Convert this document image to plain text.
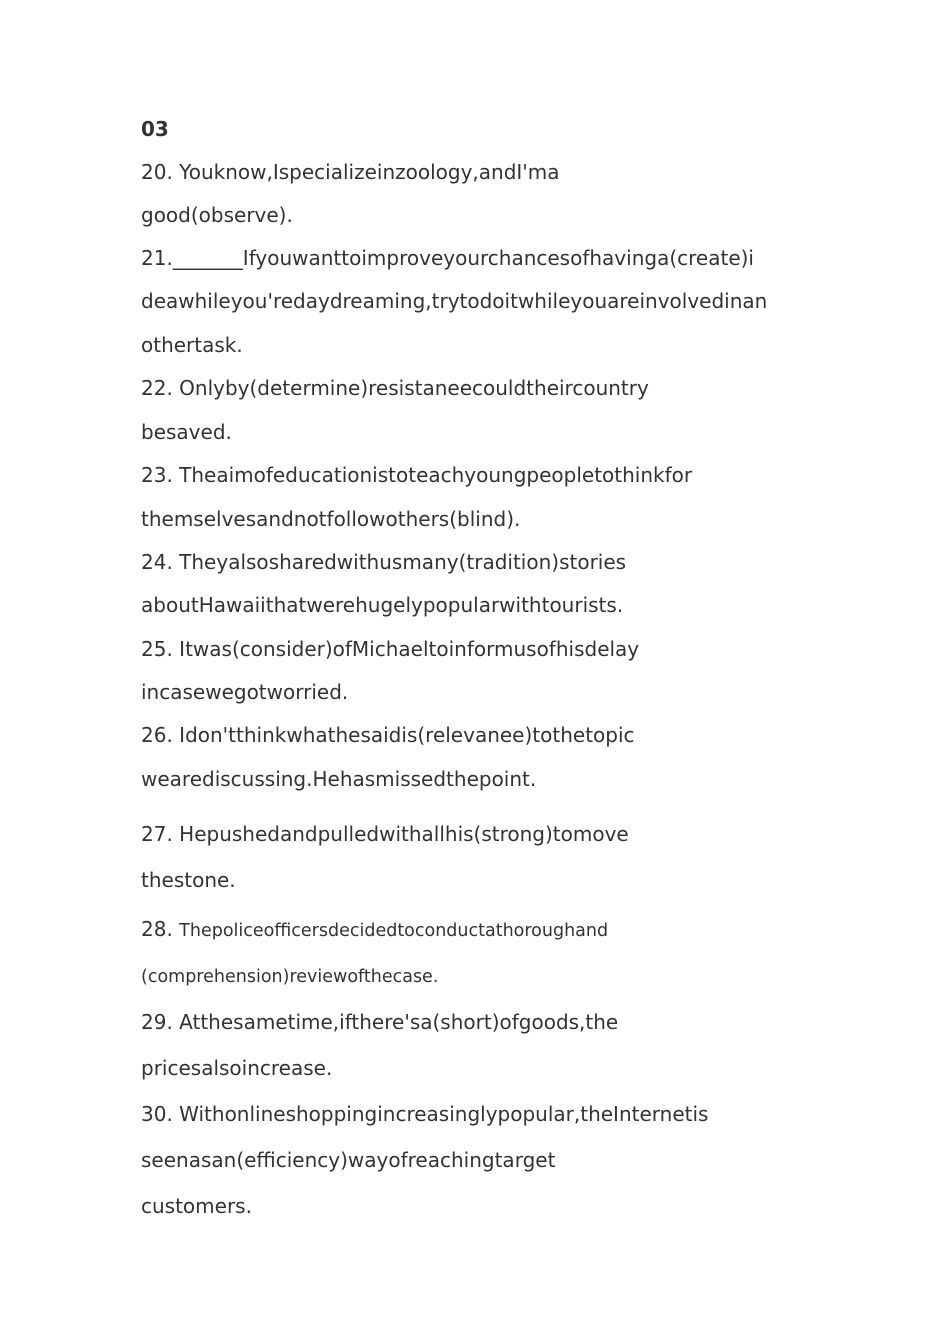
03
20. Youknow,Ispecializeinzoology,andI'ma
good(observe).
21._______Ifyouwanttoimproveyourchancesofhavinga(create)i
deawhileyou'redaydreaming,trytodoitwhileyouareinvolvedinan
othertask.
22. Onlyby(determine)resistaneecouldtheircountry
besaved.
23. Theaimofeducationistoteachyoungpeopletothinkfor
themselvesandnotfollowothers(blind).
24. Theyalsosharedwithusmany(tradition)stories
aboutHawaiithatwerehugelypopularwithtourists.
25. Itwas(consider)ofMichaeltoinformusofhisdelay
incasewegotworried.
26. Idon'tthinkwhathesaidis(relevanee)tothetopic
wearediscussing.Hehasmissedthepoint.
27. Hepushedandpulledwithallhis(strong)tomove
thestone.
28. Thepoliceofficersdecidedtoconductathoroughand
(comprehension)reviewofthecase.
29. Atthesametime,ifthere'sa(short)ofgoods,the
pricesalsoincrease.
30. Withonlineshoppingincreasinglypopular,theInternetis
seenasan(efficiency)wayofreachingtarget
customers.
